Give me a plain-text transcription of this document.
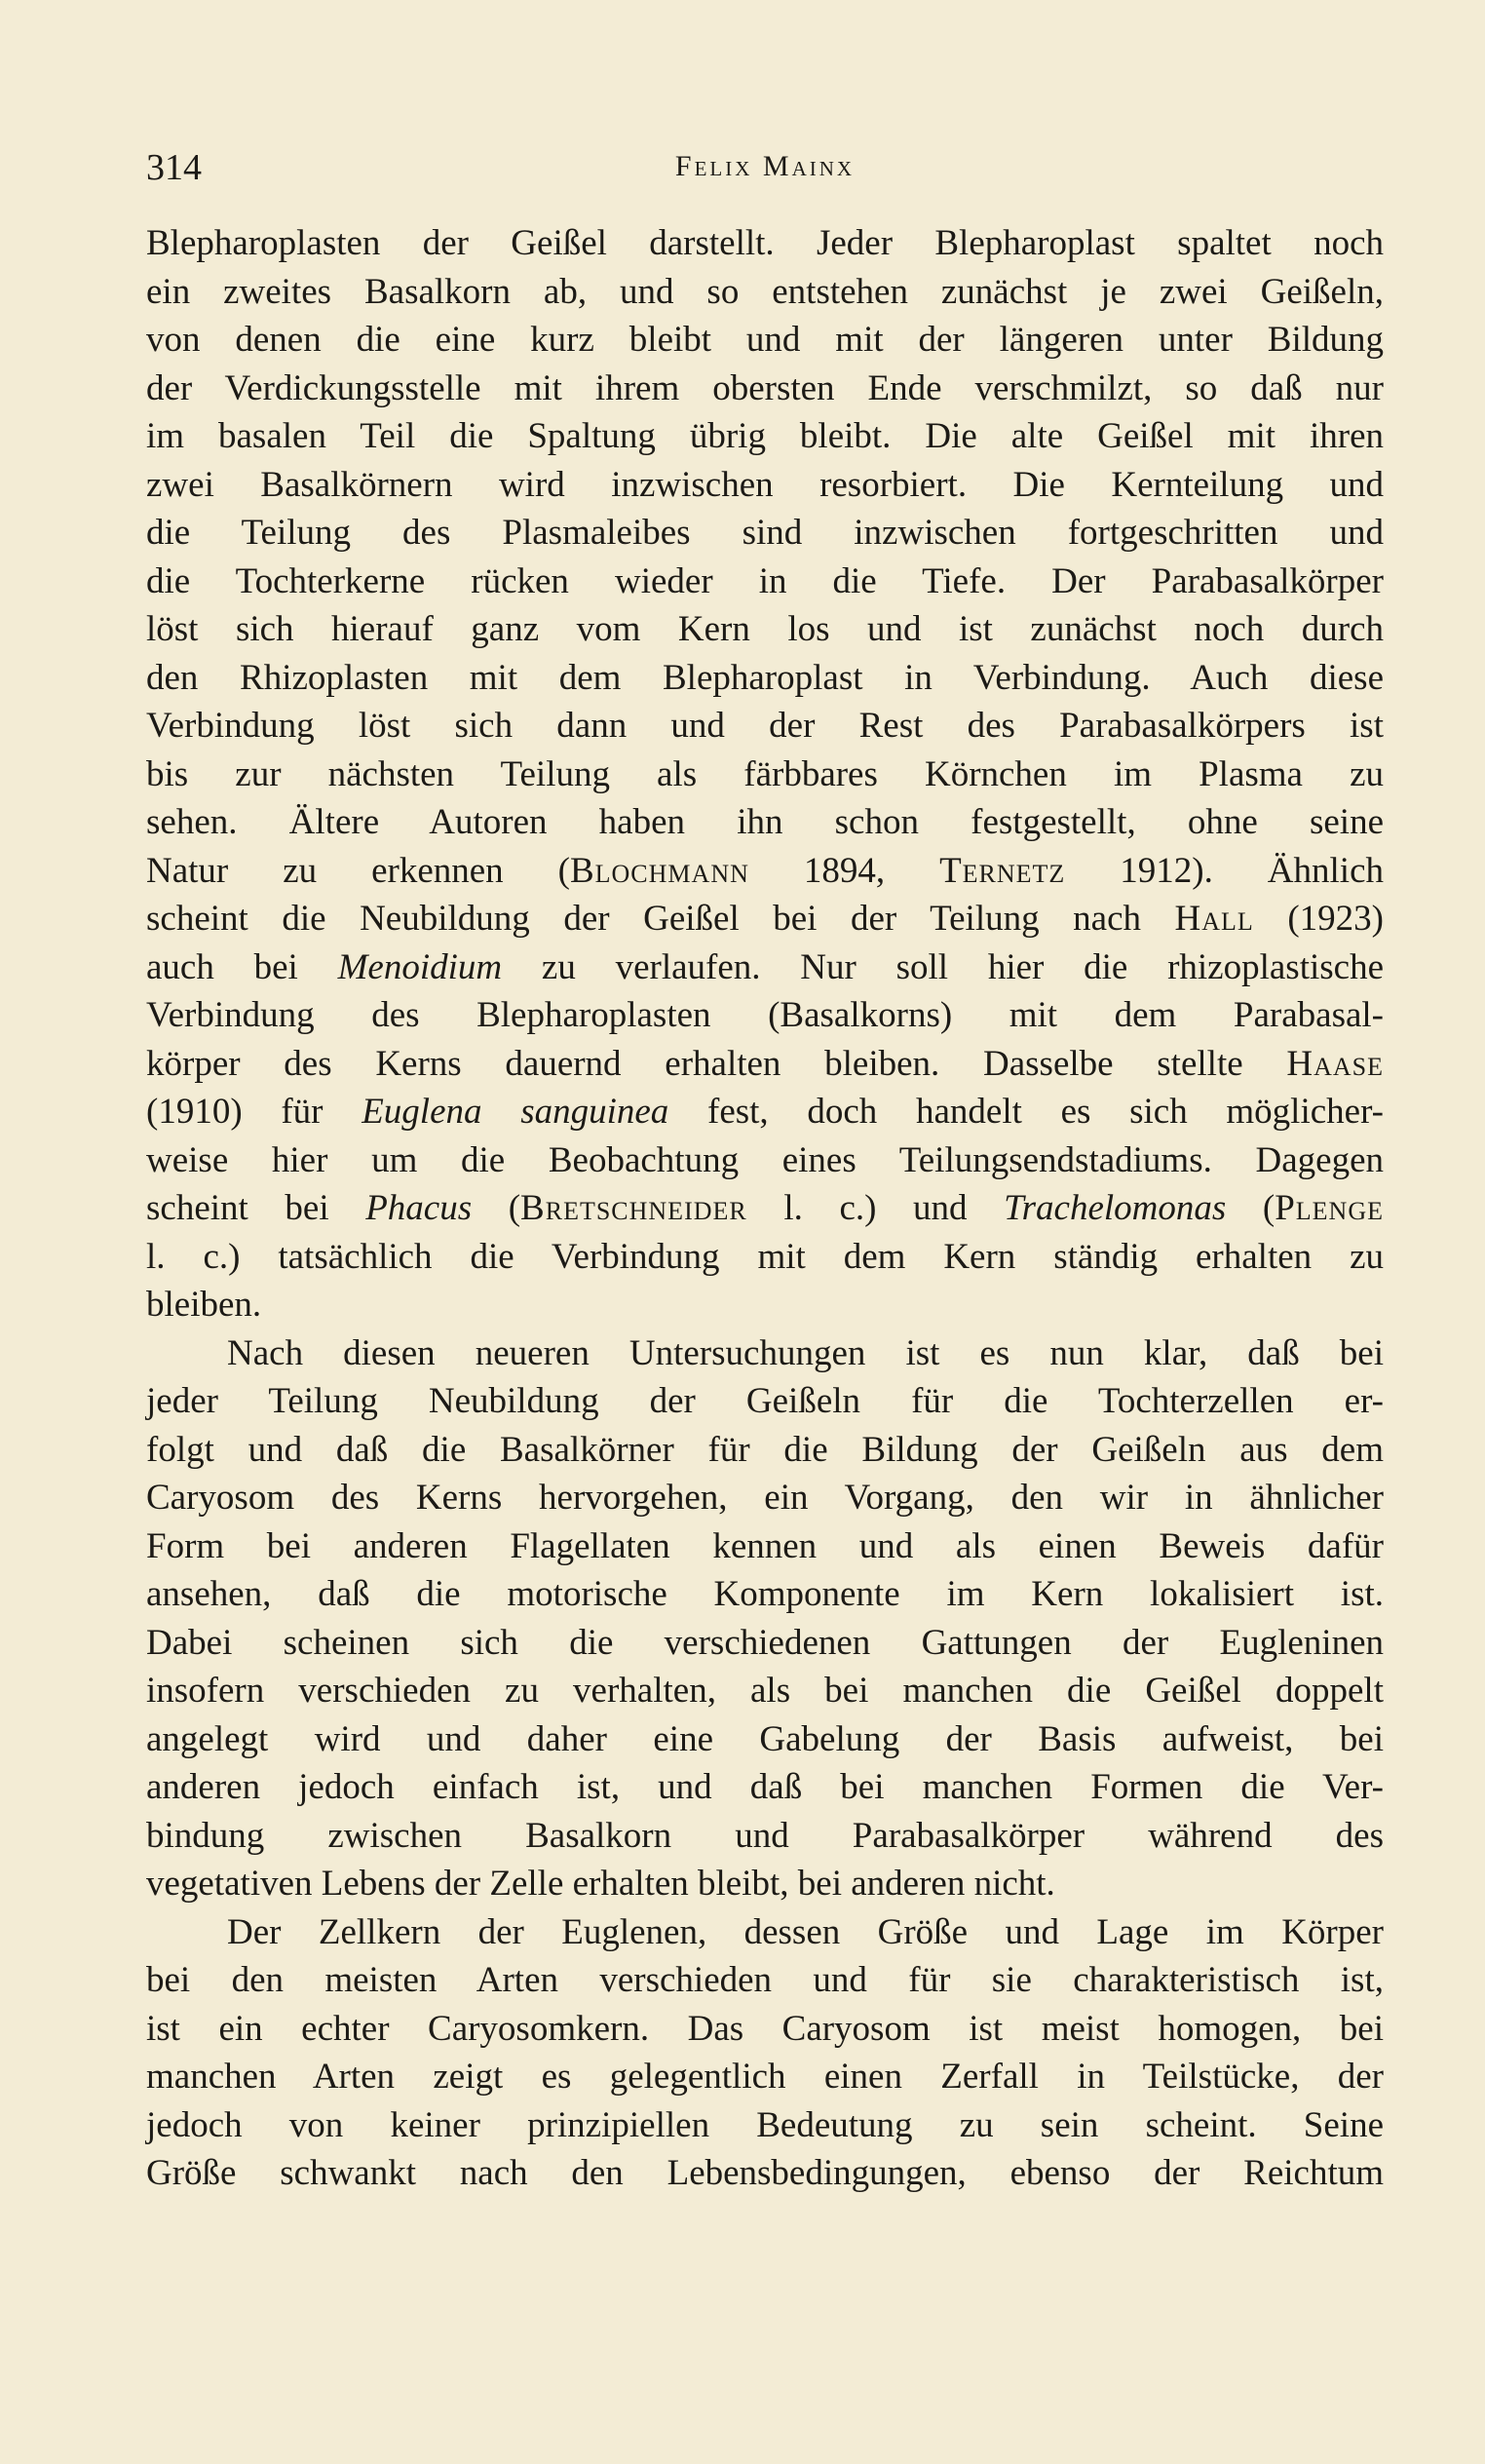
314	Felix Mainx

Blepharoplasten der Geißel darstellt. Jeder Blepharoplast spaltet noch
ein zweites Basalkorn ab, und so entstehen zunächst je zwei Geißeln,
von denen die eine kurz bleibt und mit der längeren unter Bildung
der Verdickungsstelle mit ihrem obersten Ende verschmilzt, so daß nur
im basalen Teil die Spaltung übrig bleibt. Die alte Geißel mit ihren
zwei Basalkörnern wird inzwischen resorbiert. Die Kernteilung und
die Teilung des Plasmaleibes sind inzwischen fortgeschritten und
die Tochterkerne rücken wieder in die Tiefe. Der Parabasalkörper
löst sich hierauf ganz vom Kern los und ist zunächst noch durch
den Rhizoplasten mit dem Blepharoplast in Verbindung. Auch diese
Verbindung löst sich dann und der Rest des Parabasalkörpers ist
bis zur nächsten Teilung als färbbares Körnchen im Plasma zu
sehen. Ältere Autoren haben ihn schon festgestellt, ohne seine
Natur zu erkennen (Blochmann 1894, Ternetz 1912). Ähnlich
scheint die Neubildung der Geißel bei der Teilung nach Hall (1923)
auch bei Menoidium zu verlaufen. Nur soll hier die rhizoplastische
Verbindung des Blepharoplasten (Basalkorns) mit dem Parabasal-
körper des Kerns dauernd erhalten bleiben. Dasselbe stellte Haase
(1910) für Euglena sanguinea fest, doch handelt es sich möglicher-
weise hier um die Beobachtung eines Teilungsendstadiums. Dagegen
scheint bei Phacus (Bretschneider l. c.) und Trachelomonas (Plenge
l. c.) tatsächlich die Verbindung mit dem Kern ständig erhalten zu
bleiben.

Nach diesen neueren Untersuchungen ist es nun klar, daß bei
jeder Teilung Neubildung der Geißeln für die Tochterzellen er-
folgt und daß die Basalkörner für die Bildung der Geißeln aus dem
Caryosom des Kerns hervorgehen, ein Vorgang, den wir in ähnlicher
Form bei anderen Flagellaten kennen und als einen Beweis dafür
ansehen, daß die motorische Komponente im Kern lokalisiert ist.
Dabei scheinen sich die verschiedenen Gattungen der Eugleninen
insofern verschieden zu verhalten, als bei manchen die Geißel doppelt
angelegt wird und daher eine Gabelung der Basis aufweist, bei
anderen jedoch einfach ist, und daß bei manchen Formen die Ver-
bindung zwischen Basalkorn und Parabasalkörper während des
vegetativen Lebens der Zelle erhalten bleibt, bei anderen nicht.

Der Zellkern der Euglenen, dessen Größe und Lage im Körper
bei den meisten Arten verschieden und für sie charakteristisch ist,
ist ein echter Caryosomkern. Das Caryosom ist meist homogen, bei
manchen Arten zeigt es gelegentlich einen Zerfall in Teilstücke, der
jedoch von keiner prinzipiellen Bedeutung zu sein scheint. Seine
Größe schwankt nach den Lebensbedingungen, ebenso der Reichtum
